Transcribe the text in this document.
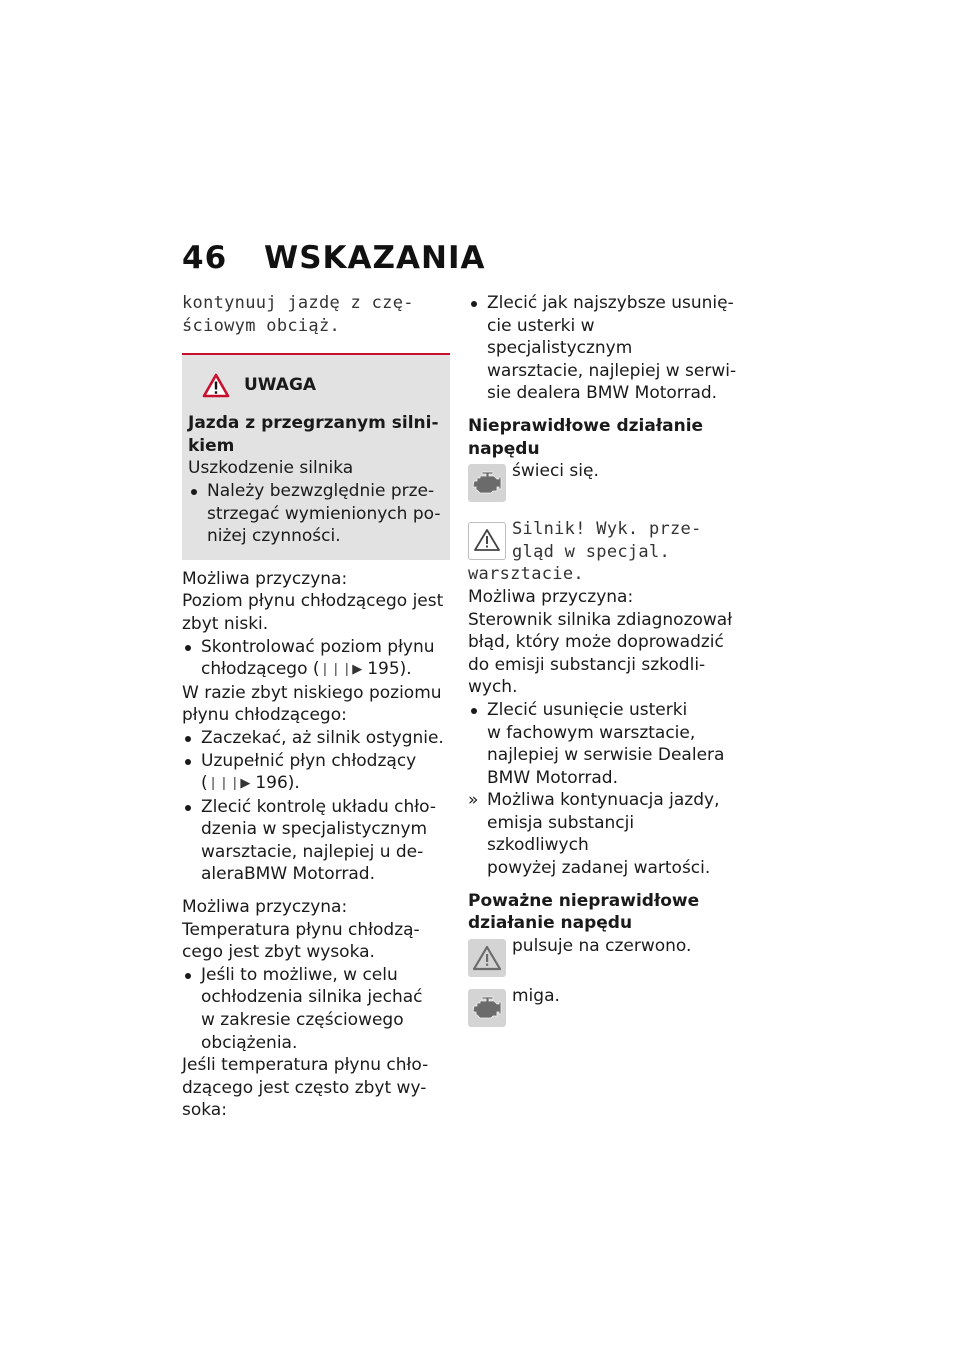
46 WSKAZANIA

kontynuuj jazdę z czę-

ściowym obciąż.

UWAGA

Jazda z przegrzanym silni-

kiem

Uszkodzenie silnika

Należy bezwzględnie prze-

strzegać wymienionych po-

niżej czynności.

Możliwa przyczyna:

Poziom płynu chłodzącego jest

zbyt niski.

Skontrolować poziom płynu

chłodzącego (❘❘❘▶ 195).

W razie zbyt niskiego poziomu

płynu chłodzącego:

Zaczekać, aż silnik ostygnie.

Uzupełnić płyn chłodzący

(❘❘❘▶ 196).

Zlecić kontrolę układu chło-

dzenia w specjalistycznym

warsztacie, najlepiej u de-

aleraBMW Motorrad.

Możliwa przyczyna:

Temperatura płynu chłodzą-

cego jest zbyt wysoka.

Jeśli to możliwe, w celu

ochłodzenia silnika jechać

w zakresie częściowego

obciążenia.

Jeśli temperatura płynu chło-

dzącego jest często zbyt wy-

soka:

Zlecić jak najszybsze usunię-

cie usterki w specjalistycznym

warsztacie, najlepiej w serwi-

sie dealera BMW Motorrad.

Nieprawidłowe działanie

napędu

świeci się.

Silnik! Wyk. prze-

gląd w specjal.

warsztacie.

Możliwa przyczyna:

Sterownik silnika zdiagnozował

błąd, który może doprowadzić

do emisji substancji szkodli-

wych.

Zlecić usunięcie usterki

w fachowym warsztacie,

najlepiej w serwisie Dealera

BMW Motorrad.

» Możliwa kontynuacja jazdy,

emisja substancji szkodliwych

powyżej zadanej wartości.

Poważne nieprawidłowe

działanie napędu

pulsuje na czerwono.

miga.
